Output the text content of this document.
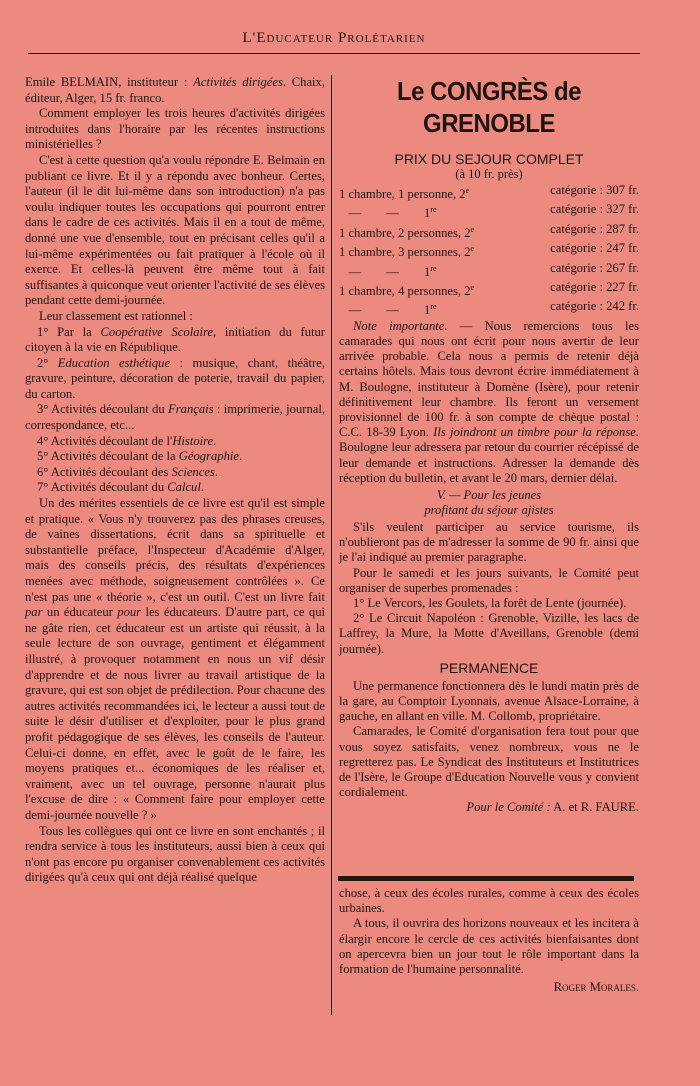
L'Educateur Prolétarien

Emile BELMAIN, instituteur : Activités dirigées. Chaix, éditeur, Alger, 15 fr. franco.

Comment employer les trois heures d'activités dirigées introduites dans l'horaire par les récentes instructions ministérielles ?

C'est à cette question qu'a voulu répondre E. Belmain en publiant ce livre. Et il y a répondu avec bonheur. Certes, l'auteur (il le dit lui-même dans son introduction) n'a pas voulu indiquer toutes les occupations qui pourront entrer dans le cadre de ces activités. Mais il en a tout de même, donné une vue d'ensemble, tout en précisant celles qu'il a lui-même expérimentées ou fait pratiquer à l'école où il exerce. Et celles-là peuvent être même tout à fait suffisantes à quiconque veut orienter l'activité de ses élèves pendant cette demi-journée.

Leur classement est rationnel :

1° Par la Coopérative Scolaire, initiation du futur citoyen à la vie en République.

2° Education esthétique : musique, chant, théâtre, gravure, peinture, décoration de poterie, travail du papier, du carton.

3° Activités découlant du Français : imprimerie, journal, correspondance, etc...

4° Activités découlant de l'Histoire.

5° Activités découlant de la Géographie.

6° Activités découlant des Sciences.

7° Activités découlant du Calcul.

Un des mérites essentiels de ce livre est qu'il est simple et pratique. « Vous n'y trouverez pas des phrases creuses, de vaines dissertations, écrit dans sa spirituelle et substantielle préface, l'Inspecteur d'Académie d'Alger, mais des conseils précis, des résultats d'expériences menées avec méthode, soigneusement contrôlées ». Ce n'est pas une « théorie », c'est un outil. C'est un livre fait par un éducateur pour les éducateurs. D'autre part, ce qui ne gâte rien, cet éducateur est un artiste qui réussit, à la seule lecture de son ouvrage, gentiment et élégamment illustré, à provoquer notamment en nous un vif désir d'apprendre et de nous livrer au travail artistique de la gravure, qui est son objet de prédilection. Pour chacune des autres activités recommandées ici, le lecteur a aussi tout de suite le désir d'utiliser et d'exploiter, pour le plus grand profit pédagogique de ses élèves, les conseils de l'auteur. Celui-ci donne, en effet, avec le goût de le faire, les moyens pratiques et... économiques de les réaliser et, vraiment, avec un tel ouvrage, personne n'aurait plus l'excuse de dire : « Comment faire pour employer cette demi-journée nouvelle ? »

Tous les collègues qui ont ce livre en sont enchantés ; il rendra service à tous les instituteurs, aussi bien à ceux qui n'ont pas encore pu organiser convenablement ces activités dirigées qu'à ceux qui ont déjà réalisé quelque

Le CONGRÈS de GRENOBLE
PRIX DU SEJOUR COMPLET
(à 10 fr. près)
1 chambre, 1 personne, 2e	catégorie : 307 fr.
—        —        1re	catégorie : 327 fr.
1 chambre, 2 personnes, 2e	catégorie : 287 fr.
1 chambre, 3 personnes, 2e	catégorie : 247 fr.
—        —        1re	catégorie : 267 fr.
1 chambre, 4 personnes, 2e	catégorie : 227 fr.
—        —        1re	catégorie : 242 fr.

Note importante. — Nous remercions tous les camarades qui nous ont écrit pour nous avertir de leur arrivée probable. Cela nous a permis de retenir déjà certains hôtels. Mais tous devront écrire immédiatement à M. Boulogne, instituteur à Domène (Isère), pour retenir définitivement leur chambre. Ils feront un versement provisionnel de 100 fr. à son compte de chèque postal : C.C. 18-39 Lyon. Ils joindront un timbre pour la réponse. Boulogne leur adressera par retour du courrier récépissé de leur demande et instructions. Adresser la demande dès réception du bulletin, et avant le 20 mars, dernier délai.

V. — Pour les jeunes
profitant du séjour ajistes

S'ils veulent participer au service tourisme, ils n'oublieront pas de m'adresser la somme de 90 fr. ainsi que je l'ai indiqué au premier paragraphe.

Pour le samedi et les jours suivants, le Comité peut organiser de superbes promenades :

1° Le Vercors, les Goulets, la forêt de Lente (journée).

2° Le Circuit Napoléon : Grenoble, Vizille, les lacs de Laffrey, la Mure, la Motte d'Aveillans, Grenoble (demi journée).

PERMANENCE

Une permanence fonctionnera dès le lundi matin près de la gare, au Comptoir Lyonnais, avenue Alsace-Lorraine, à gauche, en allant en ville. M. Collomb, propriétaire.

Camarades, le Comité d'organisation fera tout pour que vous soyez satisfaits, venez nombreux, vous ne le regretterez pas. Le Syndicat des Instituteurs et Institutrices de l'Isère, le Groupe d'Education Nouvelle vous y convient cordialement.

Pour le Comité : A. et R. FAURE.

chose, à ceux des écoles rurales, comme à ceux des écoles urbaines.

A tous, il ouvrira des horizons nouveaux et les incitera à élargir encore le cercle de ces activités bienfaisantes dont on apercevra bien un jour tout le rôle important dans la formation de l'humaine personnalité.

Roger Morales.
